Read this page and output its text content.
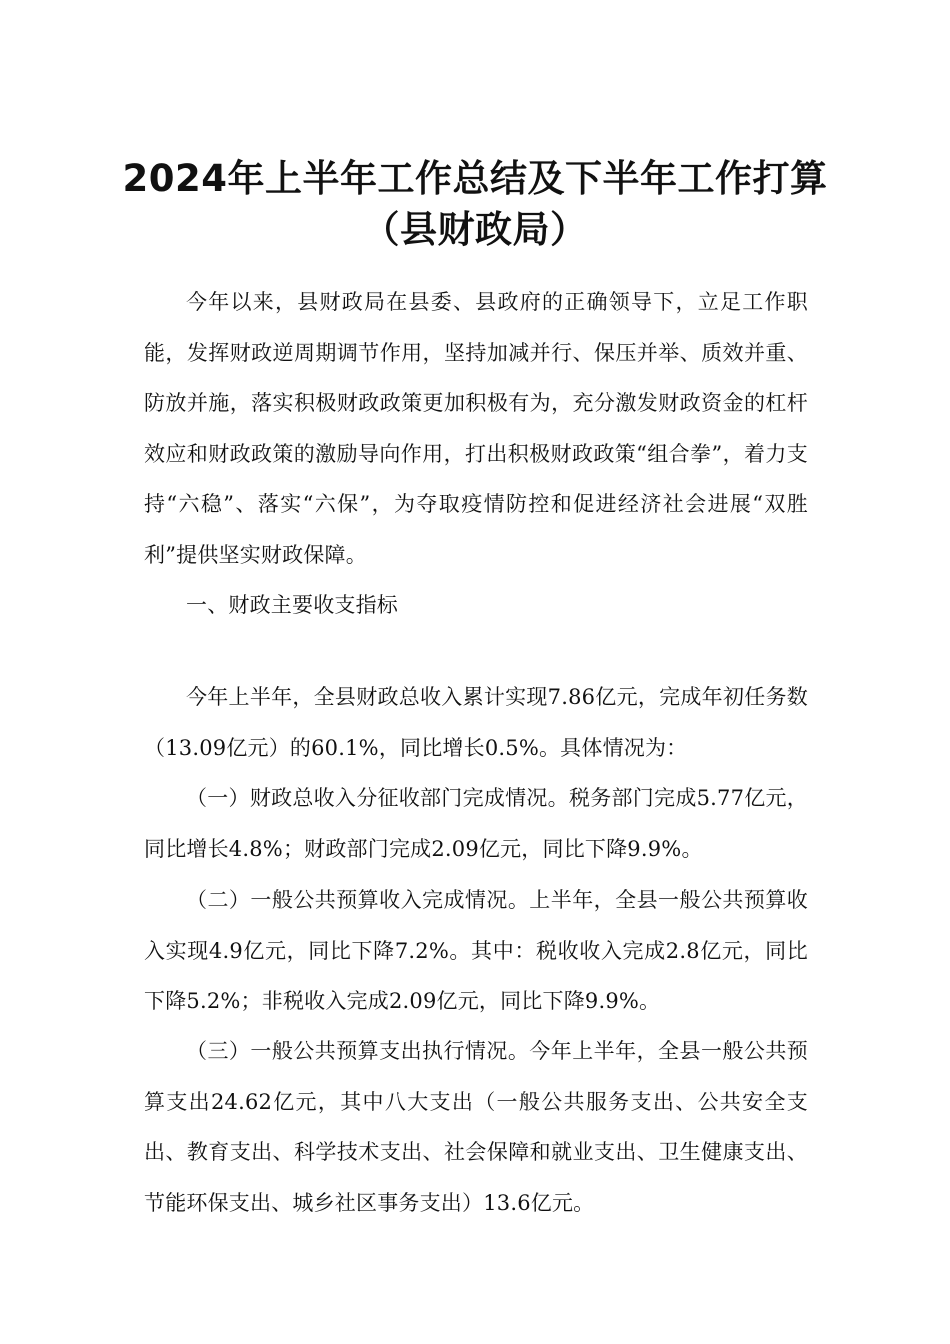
2024年上半年工作总结及下半年工作打算（县财政局）

今年以来，县财政局在县委、县政府的正确领导下，立足工作职能，发挥财政逆周期调节作用，坚持加减并行、保压并举、质效并重、防放并施，落实积极财政政策更加积极有为，充分激发财政资金的杠杆效应和财政政策的激励导向作用，打出积极财政政策“组合拳”，着力支持“六稳”、落实“六保”，为夺取疫情防控和促进经济社会进展“双胜利”提供坚实财政保障。

一、财政主要收支指标

今年上半年，全县财政总收入累计实现7.86亿元，完成年初任务数（13.09亿元）的60.1%，同比增长0.5%。具体情况为：

（一）财政总收入分征收部门完成情况。税务部门完成5.77亿元，同比增长4.8%；财政部门完成2.09亿元，同比下降9.9%。

（二）一般公共预算收入完成情况。上半年，全县一般公共预算收入实现4.9亿元，同比下降7.2%。其中：税收收入完成2.8亿元，同比下降5.2%；非税收入完成2.09亿元，同比下降9.9%。

（三）一般公共预算支出执行情况。今年上半年，全县一般公共预算支出24.62亿元，其中八大支出（一般公共服务支出、公共安全支出、教育支出、科学技术支出、社会保障和就业支出、卫生健康支出、节能环保支出、城乡社区事务支出）13.6亿元。
